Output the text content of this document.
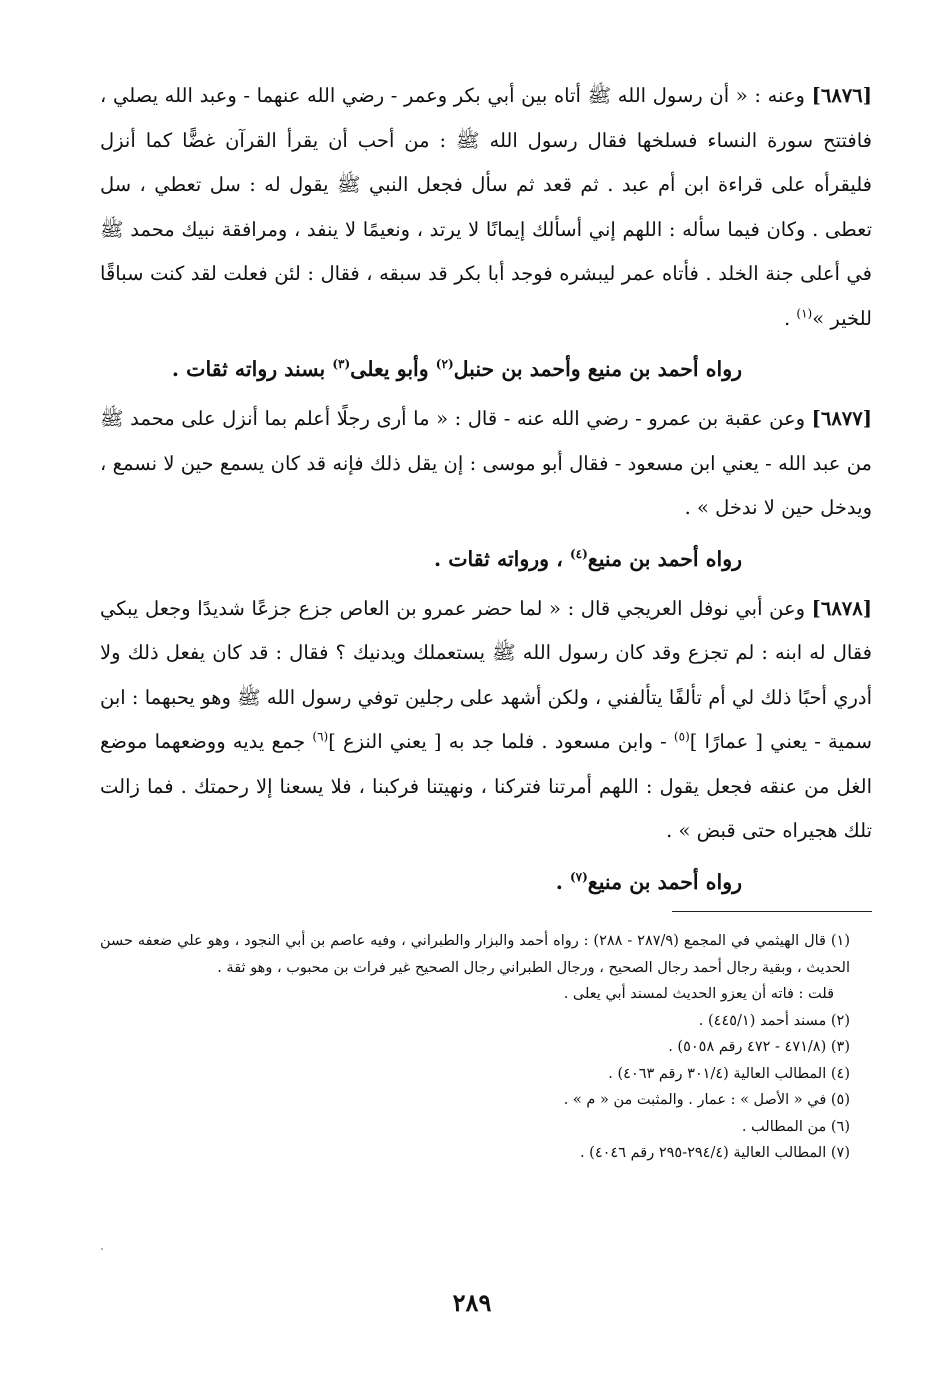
[٦٨٧٦] وعنه : « أن رسول الله ﷺ أتاه بين أبي بكر وعمر - رضي الله عنهما - وعبد الله يصلي ، فافتتح سورة النساء فسلخها فقال رسول الله ﷺ : من أحب أن يقرأ القرآن غضًّا كما أنزل فليقرأه على قراءة ابن أم عبد . ثم قعد ثم سأل فجعل النبي ﷺ يقول له : سل تعطي ، سل تعطى . وكان فيما سأله : اللهم إني أسألك إيمانًا لا يرتد ، ونعيمًا لا ينفد ، ومرافقة نبيك محمد ﷺ في أعلى جنة الخلد . فأتاه عمر ليبشره فوجد أبا بكر قد سبقه ، فقال : لئن فعلت لقد كنت سباقًا للخير »$^{(١)}$ .

رواه أحمد بن منيع وأحمد بن حنبل$^{(٢)}$ وأبو يعلى$^{(٣)}$ بسند رواته ثقات .

[٦٨٧٧] وعن عقبة بن عمرو - رضي الله عنه - قال : « ما أرى رجلًا أعلم بما أنزل على محمد ﷺ من عبد الله - يعني ابن مسعود - فقال أبو موسى : إن يقل ذلك فإنه قد كان يسمع حين لا نسمع ، ويدخل حين لا ندخل » .

رواه أحمد بن منيع$^{(٤)}$ ، ورواته ثقات .

[٦٨٧٨] وعن أبي نوفل العريجي قال : « لما حضر عمرو بن العاص جزع جزعًا شديدًا وجعل يبكي فقال له ابنه : لم تجزع وقد كان رسول الله ﷺ يستعملك ويدنيك ؟ فقال : قد كان يفعل ذلك ولا أدري أحبًا ذلك لي أم تألفًا يتألفني ، ولكن أشهد على رجلين توفي رسول الله ﷺ وهو يحبهما : ابن سمية - يعني [ عمارًا ]$^{(٥)}$ - وابن مسعود . فلما جد به [ يعني النزع ]$^{(٦)}$ جمع يديه ووضعهما موضع الغل من عنقه فجعل يقول : اللهم أمرتنا فتركنا ، ونهيتنا فركبنا ، فلا يسعنا إلا رحمتك . فما زالت تلك هجيراه حتى قبض » .

رواه أحمد بن منيع$^{(٧)}$ .

(١) قال الهيثمي في المجمع (٢٨٧/٩ - ٢٨٨) : رواه أحمد والبزار والطبراني ، وفيه عاصم بن أبي النجود ، وهو علي ضعفه حسن الحديث ، وبقية رجال أحمد رجال الصحيح ، ورجال الطبراني رجال الصحيح غير فرات بن محبوب ، وهو ثقة .

قلت : فاته أن يعزو الحديث لمسند أبي يعلى .

(٢) مسند أحمد (٤٤٥/١) .

(٣) (٤٧١/٨ - ٤٧٢ رقم ٥٠٥٨) .

(٤) المطالب العالية (٣٠١/٤ رقم ٤٠٦٣) .

(٥) في « الأصل » : عمار . والمثبت من « م » .

(٦) من المطالب .

(٧) المطالب العالية (٢٩٤/٤-٢٩٥ رقم ٤٠٤٦) .

٢٨٩
